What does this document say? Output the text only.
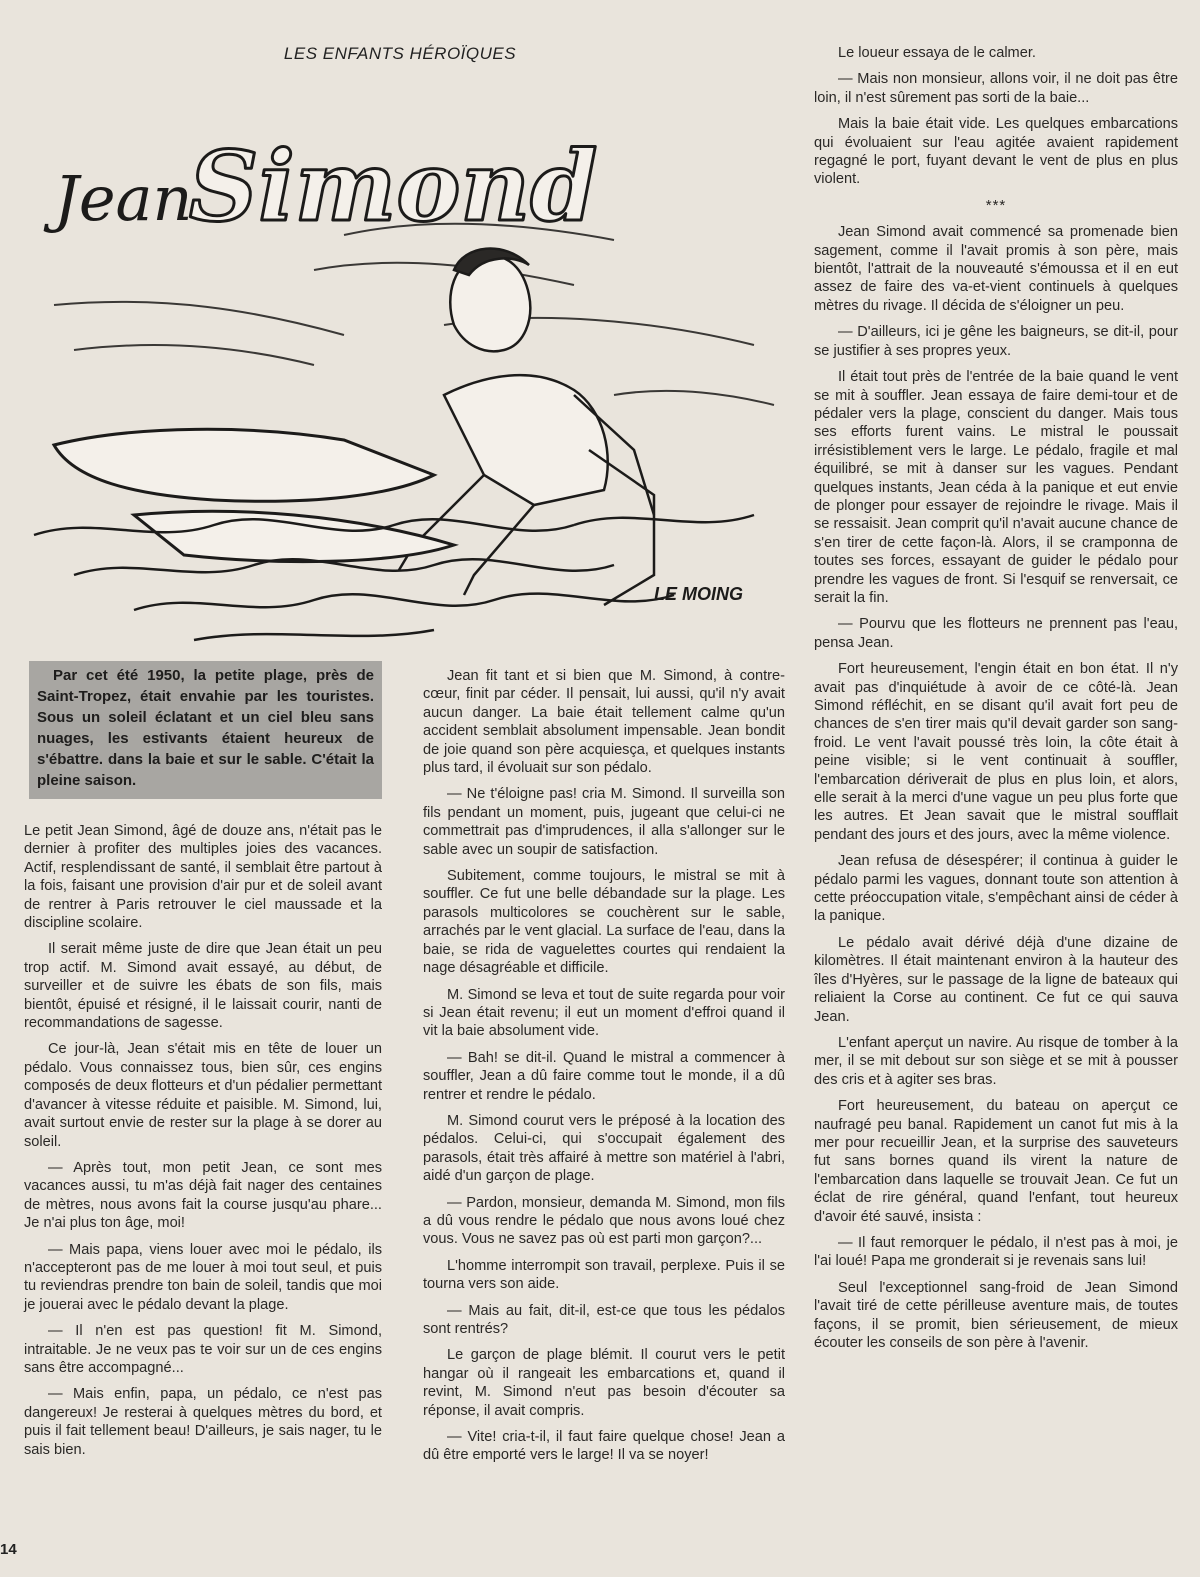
LES ENFANTS HÉROÏQUES
Jean
Simond
LE MOING

Par cet été 1950, la petite plage, près de Saint-Tropez, était envahie par les touristes. Sous un soleil éclatant et un ciel bleu sans nuages, les estivants étaient heureux de s'ébattre. dans la baie et sur le sable. C'était la pleine saison.

Le petit Jean Simond, âgé de douze ans, n'était pas le dernier à profiter des multiples joies des vacances. Actif, resplendissant de santé, il semblait être partout à la fois, faisant une provision d'air pur et de soleil avant de rentrer à Paris retrouver le ciel maussade et la discipline scolaire.

Il serait même juste de dire que Jean était un peu trop actif. M. Simond avait essayé, au début, de surveiller et de suivre les ébats de son fils, mais bientôt, épuisé et résigné, il le laissait courir, nanti de recommandations de sagesse.

Ce jour-là, Jean s'était mis en tête de louer un pédalo. Vous connaissez tous, bien sûr, ces engins composés de deux flotteurs et d'un pédalier permettant d'avancer à vitesse réduite et paisible. M. Simond, lui, avait surtout envie de rester sur la plage à se dorer au soleil.

— Après tout, mon petit Jean, ce sont mes vacances aussi, tu m'as déjà fait nager des centaines de mètres, nous avons fait la course jusqu'au phare... Je n'ai plus ton âge, moi!

— Mais papa, viens louer avec moi le pédalo, ils n'accepteront pas de me louer à moi tout seul, et puis tu reviendras prendre ton bain de soleil, tandis que moi je jouerai avec le pédalo devant la plage.

— Il n'en est pas question! fit M. Simond, intraitable. Je ne veux pas te voir sur un de ces engins sans être accompagné...

— Mais enfin, papa, un pédalo, ce n'est pas dangereux! Je resterai à quelques mètres du bord, et puis il fait tellement beau! D'ailleurs, je sais nager, tu le sais bien.

Jean fit tant et si bien que M. Simond, à contre-cœur, finit par céder. Il pensait, lui aussi, qu'il n'y avait aucun danger. La baie était tellement calme qu'un accident semblait absolument impensable. Jean bondit de joie quand son père acquiesça, et quelques instants plus tard, il évoluait sur son pédalo.

— Ne t'éloigne pas! cria M. Simond. Il surveilla son fils pendant un moment, puis, jugeant que celui-ci ne commettrait pas d'imprudences, il alla s'allonger sur le sable avec un soupir de satisfaction.

Subitement, comme toujours, le mistral se mit à souffler. Ce fut une belle débandade sur la plage. Les parasols multicolores se couchèrent sur le sable, arrachés par le vent glacial. La surface de l'eau, dans la baie, se rida de vaguelettes courtes qui rendaient la nage désagréable et difficile.

M. Simond se leva et tout de suite regarda pour voir si Jean était revenu; il eut un moment d'effroi quand il vit la baie absolument vide.

— Bah! se dit-il. Quand le mistral a commencer à souffler, Jean a dû faire comme tout le monde, il a dû rentrer et rendre le pédalo.

M. Simond courut vers le préposé à la location des pédalos. Celui-ci, qui s'occupait également des parasols, était très affairé à mettre son matériel à l'abri, aidé d'un garçon de plage.

— Pardon, monsieur, demanda M. Simond, mon fils a dû vous rendre le pédalo que nous avons loué chez vous. Vous ne savez pas où est parti mon garçon?...

L'homme interrompit son travail, perplexe. Puis il se tourna vers son aide.

— Mais au fait, dit-il, est-ce que tous les pédalos sont rentrés?

Le garçon de plage blémit. Il courut vers le petit hangar où il rangeait les embarcations et, quand il revint, M. Simond n'eut pas besoin d'écouter sa réponse, il avait compris.

— Vite! cria-t-il, il faut faire quelque chose! Jean a dû être emporté vers le large! Il va se noyer!

Le loueur essaya de le calmer.

— Mais non monsieur, allons voir, il ne doit pas être loin, il n'est sûrement pas sorti de la baie...

Mais la baie était vide. Les quelques embarcations qui évoluaient sur l'eau agitée avaient rapidement regagné le port, fuyant devant le vent de plus en plus violent.

***

Jean Simond avait commencé sa promenade bien sagement, comme il l'avait promis à son père, mais bientôt, l'attrait de la nouveauté s'émoussa et il en eut assez de faire des va-et-vient continuels à quelques mètres du rivage. Il décida de s'éloigner un peu.

— D'ailleurs, ici je gêne les baigneurs, se dit-il, pour se justifier à ses propres yeux.

Il était tout près de l'entrée de la baie quand le vent se mit à souffler. Jean essaya de faire demi-tour et de pédaler vers la plage, conscient du danger. Mais tous ses efforts furent vains. Le mistral le poussait irrésistiblement vers le large. Le pédalo, fragile et mal équilibré, se mit à danser sur les vagues. Pendant quelques instants, Jean céda à la panique et eut envie de plonger pour essayer de rejoindre le rivage. Mais il se ressaisit. Jean comprit qu'il n'avait aucune chance de s'en tirer de cette façon-là. Alors, il se cramponna de toutes ses forces, essayant de guider le pédalo pour prendre les vagues de front. Si l'esquif se renversait, ce serait la fin.

— Pourvu que les flotteurs ne prennent pas l'eau, pensa Jean.

Fort heureusement, l'engin était en bon état. Il n'y avait pas d'inquiétude à avoir de ce côté-là. Jean Simond réfléchit, en se disant qu'il avait fort peu de chances de s'en tirer mais qu'il devait garder son sang-froid. Le vent l'avait poussé très loin, la côte était à peine visible; si le vent continuait à souffler, l'embarcation dériverait de plus en plus loin, et alors, elle serait à la merci d'une vague un peu plus forte que les autres. Et Jean savait que le mistral soufflait pendant des jours et des jours, avec la même violence.

Jean refusa de désespérer; il continua à guider le pédalo parmi les vagues, donnant toute son attention à cette préoccupation vitale, s'empêchant ainsi de céder à la panique.

Le pédalo avait dérivé déjà d'une dizaine de kilomètres. Il était maintenant environ à la hauteur des îles d'Hyères, sur le passage de la ligne de bateaux qui reliaient la Corse au continent. Ce fut ce qui sauva Jean.

L'enfant aperçut un navire. Au risque de tomber à la mer, il se mit debout sur son siège et se mit à pousser des cris et à agiter ses bras.

Fort heureusement, du bateau on aperçut ce naufragé peu banal. Rapidement un canot fut mis à la mer pour recueillir Jean, et la surprise des sauveteurs fut sans bornes quand ils virent la nature de l'embarcation dans laquelle se trouvait Jean. Ce fut un éclat de rire général, quand l'enfant, tout heureux d'avoir été sauvé, insista :

— Il faut remorquer le pédalo, il n'est pas à moi, je l'ai loué! Papa me gronderait si je revenais sans lui!

Seul l'exceptionnel sang-froid de Jean Simond l'avait tiré de cette périlleuse aventure mais, de toutes façons, il se promit, bien sérieusement, de mieux écouter les conseils de son père à l'avenir.

14
